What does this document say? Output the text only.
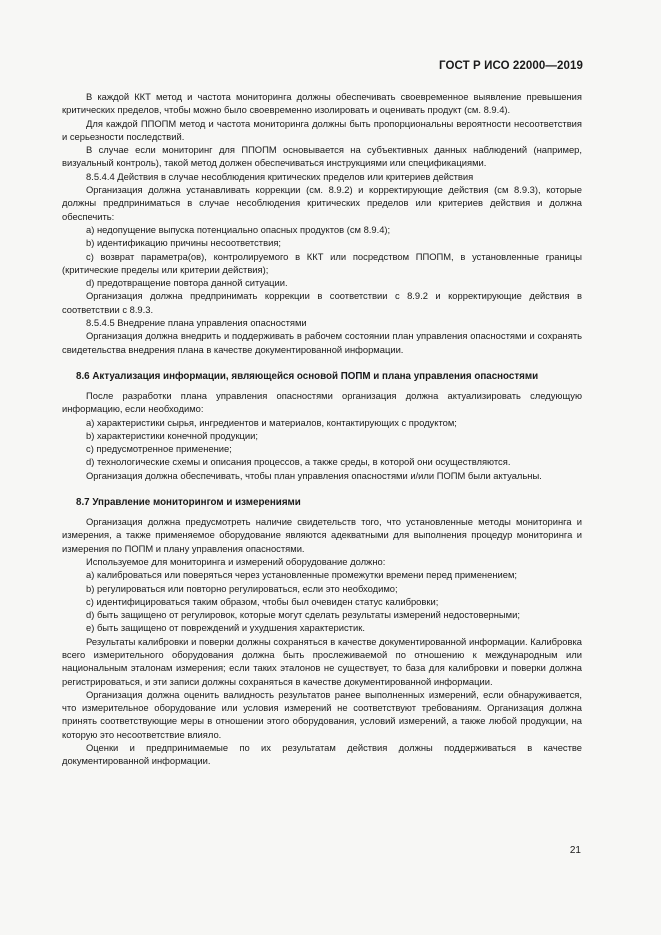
ГОСТ Р ИСО 22000—2019

В каждой ККТ метод и частота мониторинга должны обеспечивать своевременное выявление превышения критических пределов, чтобы можно было своевременно изолировать и оценивать продукт (см. 8.9.4).

Для каждой ППОПМ метод и частота мониторинга должны быть пропорциональны вероятности несоответствия и серьезности последствий.

В случае если мониторинг для ППОПМ основывается на субъективных данных наблюдений (например, визуальный контроль), такой метод должен обеспечиваться инструкциями или спецификациями.

8.5.4.4 Действия в случае несоблюдения критических пределов или критериев действия

Организация должна устанавливать коррекции (см. 8.9.2) и корректирующие действия (см 8.9.3), которые должны предприниматься в случае несоблюдения критических пределов или критериев действия и должна обеспечить:

a) недопущение выпуска потенциально опасных продуктов (см 8.9.4);

b) идентификацию причины несоответствия;

c) возврат параметра(ов), контролируемого в ККТ или посредством ППОПМ, в установленные границы (критические пределы или критерии действия);

d) предотвращение повтора данной ситуации.

Организация должна предпринимать коррекции в соответствии с 8.9.2 и корректирующие действия в соответствии с 8.9.3.

8.5.4.5 Внедрение плана управления опасностями

Организация должна внедрить и поддерживать в рабочем состоянии план управления опасностями и сохранять свидетельства внедрения плана в качестве документированной информации.

8.6 Актуализация информации, являющейся основой ПОПМ и плана управления опасностями

После разработки плана управления опасностями организация должна актуализировать следующую информацию, если необходимо:

a) характеристики сырья, ингредиентов и материалов, контактирующих с продуктом;

b) характеристики конечной продукции;

c) предусмотренное применение;

d) технологические схемы и описания процессов, а также среды, в которой они осуществляются.

Организация должна обеспечивать, чтобы план управления опасностями и/или ПОПМ были актуальны.

8.7 Управление мониторингом и измерениями

Организация должна предусмотреть наличие свидетельств того, что установленные методы мониторинга и измерения, а также применяемое оборудование являются адекватными для выполнения процедур мониторинга и измерения по ПОПМ и плану управления опасностями.

Используемое для мониторинга и измерений оборудование должно:

a) калиброваться или поверяться через установленные промежутки времени перед применением;

b) регулироваться или повторно регулироваться, если это необходимо;

c) идентифицироваться таким образом, чтобы был очевиден статус калибровки;

d) быть защищено от регулировок, которые могут сделать результаты измерений недостоверными;

e) быть защищено от повреждений и ухудшения характеристик.

Результаты калибровки и поверки должны сохраняться в качестве документированной информации. Калибровка всего измерительного оборудования должна быть прослеживаемой по отношению к международным или национальным эталонам измерения; если таких эталонов не существует, то база для калибровки и поверки должна регистрироваться, и эти записи должны сохраняться в качестве документированной информации.

Организация должна оценить валидность результатов ранее выполненных измерений, если обнаруживается, что измерительное оборудование или условия измерений не соответствуют требованиям. Организация должна принять соответствующие меры в отношении этого оборудования, условий измерений, а также любой продукции, на которую это несоответствие влияло.

Оценки и предпринимаемые по их результатам действия должны поддерживаться в качестве документированной информации.

21
